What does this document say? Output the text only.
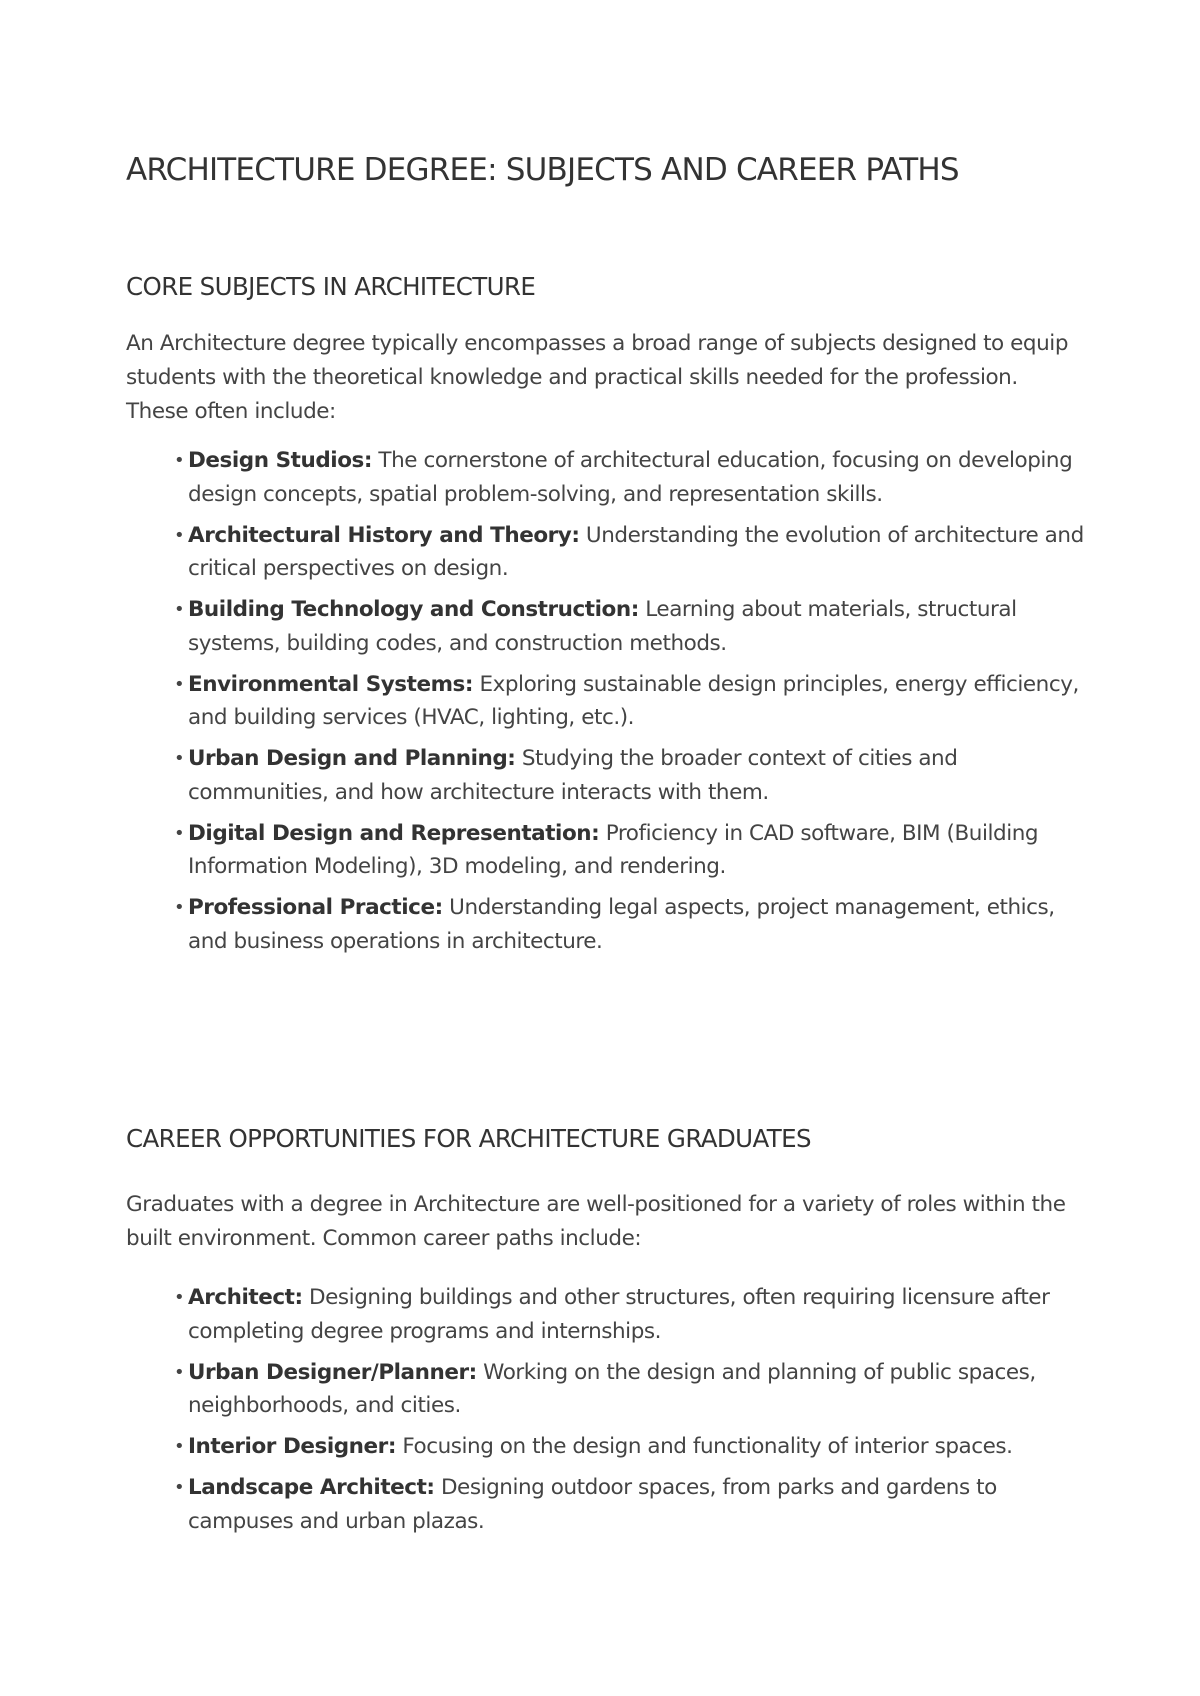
ARCHITECTURE DEGREE: SUBJECTS AND CAREER PATHS
CORE SUBJECTS IN ARCHITECTURE

An Architecture degree typically encompasses a broad range of subjects designed to equip students with the theoretical knowledge and practical skills needed for the profession. These often include:

• Design Studios: The cornerstone of architectural education, focusing on developing design concepts, spatial problem-solving, and representation skills.
• Architectural History and Theory: Understanding the evolution of architecture and critical perspectives on design.
• Building Technology and Construction: Learning about materials, structural systems, building codes, and construction methods.
• Environmental Systems: Exploring sustainable design principles, energy efficiency, and building services (HVAC, lighting, etc.).
• Urban Design and Planning: Studying the broader context of cities and communities, and how architecture interacts with them.
• Digital Design and Representation: Proficiency in CAD software, BIM (Building Information Modeling), 3D modeling, and rendering.
• Professional Practice: Understanding legal aspects, project management, ethics, and business operations in architecture.
CAREER OPPORTUNITIES FOR ARCHITECTURE GRADUATES

Graduates with a degree in Architecture are well-positioned for a variety of roles within the built environment. Common career paths include:

• Architect: Designing buildings and other structures, often requiring licensure after completing degree programs and internships.
• Urban Designer/Planner: Working on the design and planning of public spaces, neighborhoods, and cities.
• Interior Designer: Focusing on the design and functionality of interior spaces.
• Landscape Architect: Designing outdoor spaces, from parks and gardens to campuses and urban plazas.
